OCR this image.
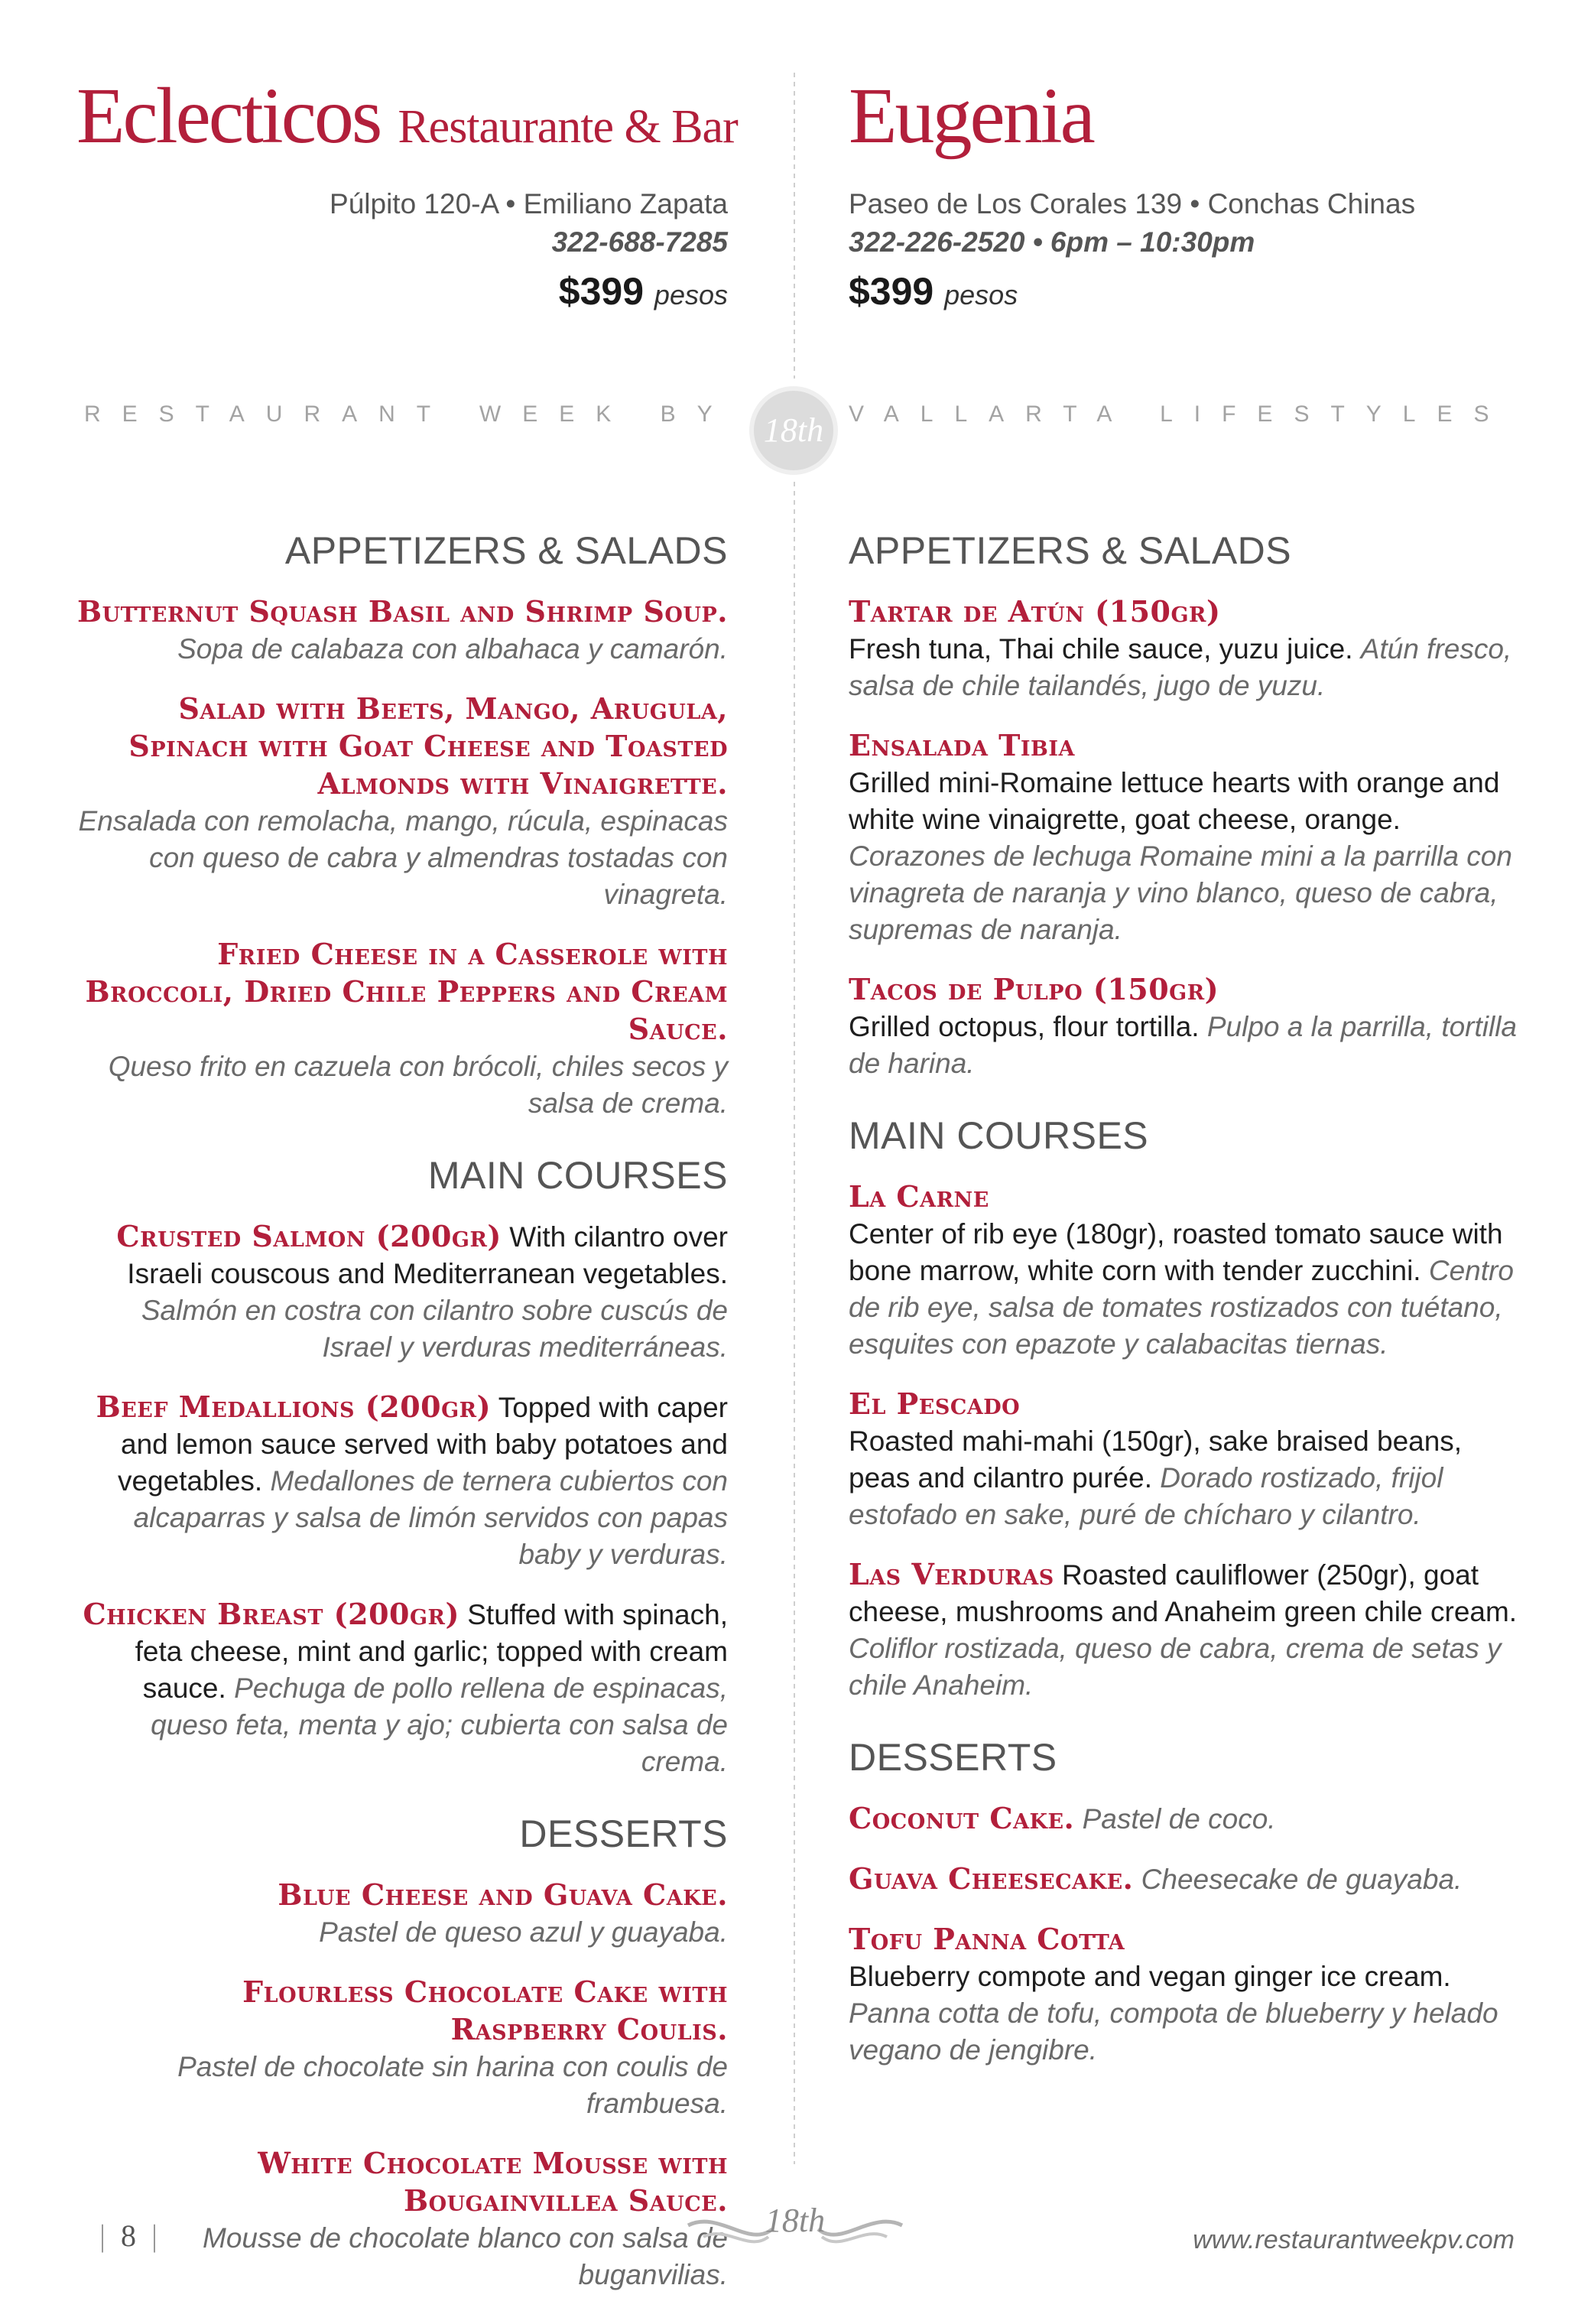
Eclecticos Restaurante & Bar
Púlpito 120-A • Emiliano Zapata
322-688-7285
$399 pesos
Eugenia
Paseo de Los Corales 139 • Conchas Chinas
322-226-2520 • 6pm – 10:30pm
$399 pesos
RESTAURANT WEEK BY 18th	VALLARTA LIFESTYLES
APPETIZERS & SALADS
Butternut Squash Basil and Shrimp Soup.
Sopa de calabaza con albahaca y camarón.
Salad with Beets, Mango, Arugula, Spinach with Goat Cheese and Toasted Almonds with Vinaigrette.
Ensalada con remolacha, mango, rúcula, espinacas con queso de cabra y almendras tostadas con vinagreta.
Fried Cheese in a Casserole with Broccoli, Dried Chile Peppers and Cream Sauce.
Queso frito en cazuela con brócoli, chiles secos y salsa de crema.
MAIN COURSES
Crusted Salmon (200gr) With cilantro over Israeli couscous and Mediterranean vegetables. Salmón en costra con cilantro sobre cuscús de Israel y verduras mediterráneas.
Beef Medallions (200gr) Topped with caper and lemon sauce served with baby potatoes and vegetables. Medallones de ternera cubiertos con alcaparras y salsa de limón servidos con papas baby y verduras.
Chicken Breast (200gr) Stuffed with spinach, feta cheese, mint and garlic; topped with cream sauce. Pechuga de pollo rellena de espinacas, queso feta, menta y ajo; cubierta con salsa de crema.
DESSERTS
Blue Cheese and Guava Cake.
Pastel de queso azul y guayaba.
Flourless Chocolate Cake with Raspberry Coulis.
Pastel de chocolate sin harina con coulis de frambuesa.
White Chocolate Mousse with Bougainvillea Sauce.
Mousse de chocolate blanco con salsa de buganvilias.
APPETIZERS & SALADS
Tartar de Atún (150gr)
Fresh tuna, Thai chile sauce, yuzu juice. Atún fresco, salsa de chile tailandés, jugo de yuzu.
Ensalada Tibia
Grilled mini-Romaine lettuce hearts with orange and white wine vinaigrette, goat cheese, orange. Corazones de lechuga Romaine mini a la parrilla con vinagreta de naranja y vino blanco, queso de cabra, supremas de naranja.
Tacos de Pulpo (150gr)
Grilled octopus, flour tortilla. Pulpo a la parrilla, tortilla de harina.
MAIN COURSES
La Carne
Center of rib eye (180gr), roasted tomato sauce with bone marrow, white corn with tender zucchini. Centro de rib eye, salsa de tomates rostizados con tuétano, esquites con epazote y calabacitas tiernas.
El Pescado
Roasted mahi-mahi (150gr), sake braised beans, peas and cilantro purée. Dorado rostizado, frijol estofado en sake, puré de chícharo y cilantro.
Las Verduras Roasted cauliflower (250gr), goat cheese, mushrooms and Anaheim green chile cream. Coliflor rostizada, queso de cabra, crema de setas y chile Anaheim.
DESSERTS
Coconut Cake. Pastel de coco.
Guava Cheesecake. Cheesecake de guayaba.
Tofu Panna Cotta
Blueberry compote and vegan ginger ice cream. Panna cotta de tofu, compota de blueberry y helado vegano de jengibre.
| 8 |	18th
www.restaurantweekpv.com
